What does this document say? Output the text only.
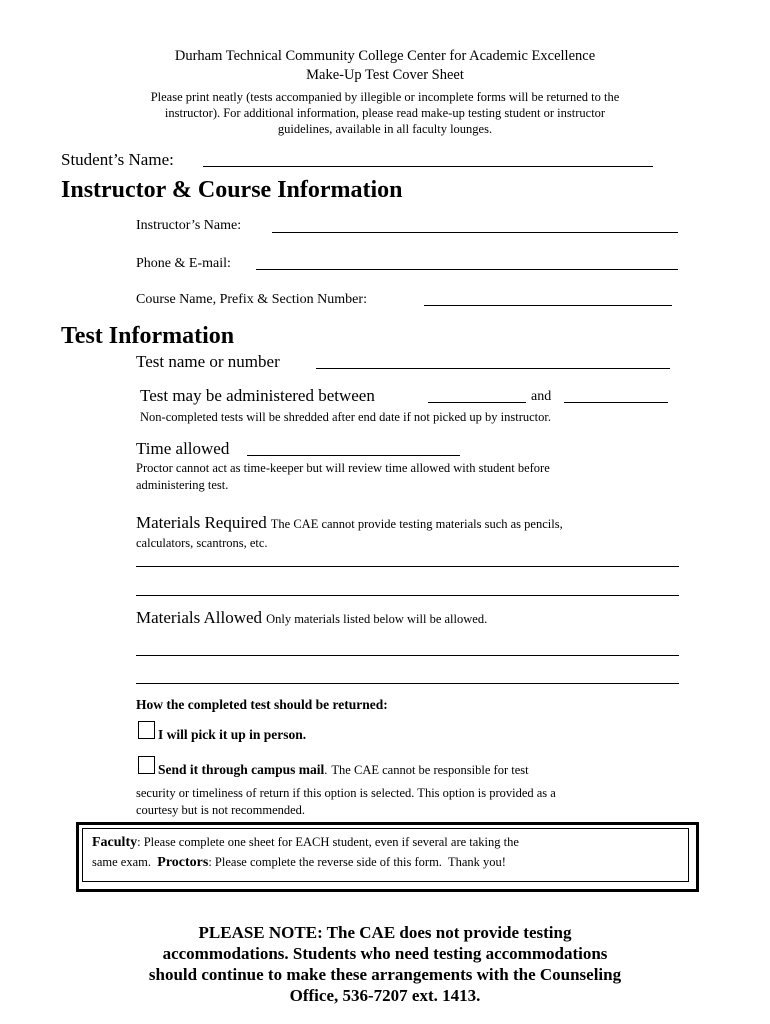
Durham Technical Community College Center for Academic Excellence
Make-Up Test Cover Sheet
Please print neatly (tests accompanied by illegible or incomplete forms will be returned to the
instructor). For additional information, please read make-up testing student or instructor
guidelines, available in all faculty lounges.
Student’s Name:
Instructor & Course Information
Instructor’s Name:
Phone & E-mail:
Course Name, Prefix & Section Number:
Test Information
Test name or number
Test may be administered between	and
Non-completed tests will be shredded after end date if not picked up by instructor.
Time allowed
Proctor cannot act as time-keeper but will review time allowed with student before
administering test.
Materials Required The CAE cannot provide testing materials such as pencils,
calculators, scantrons, etc.
Materials Allowed Only materials listed below will be allowed.
How the completed test should be returned:
I will pick it up in person.
Send it through campus mail. The CAE cannot be responsible for test
security or timeliness of return if this option is selected. This option is provided as a
courtesy but is not recommended.
Faculty: Please complete one sheet for EACH student, even if several are taking the
same exam.  Proctors: Please complete the reverse side of this form.  Thank you!
PLEASE NOTE: The CAE does not provide testing
accommodations. Students who need testing accommodations
should continue to make these arrangements with the Counseling
Office, 536-7207 ext. 1413.
